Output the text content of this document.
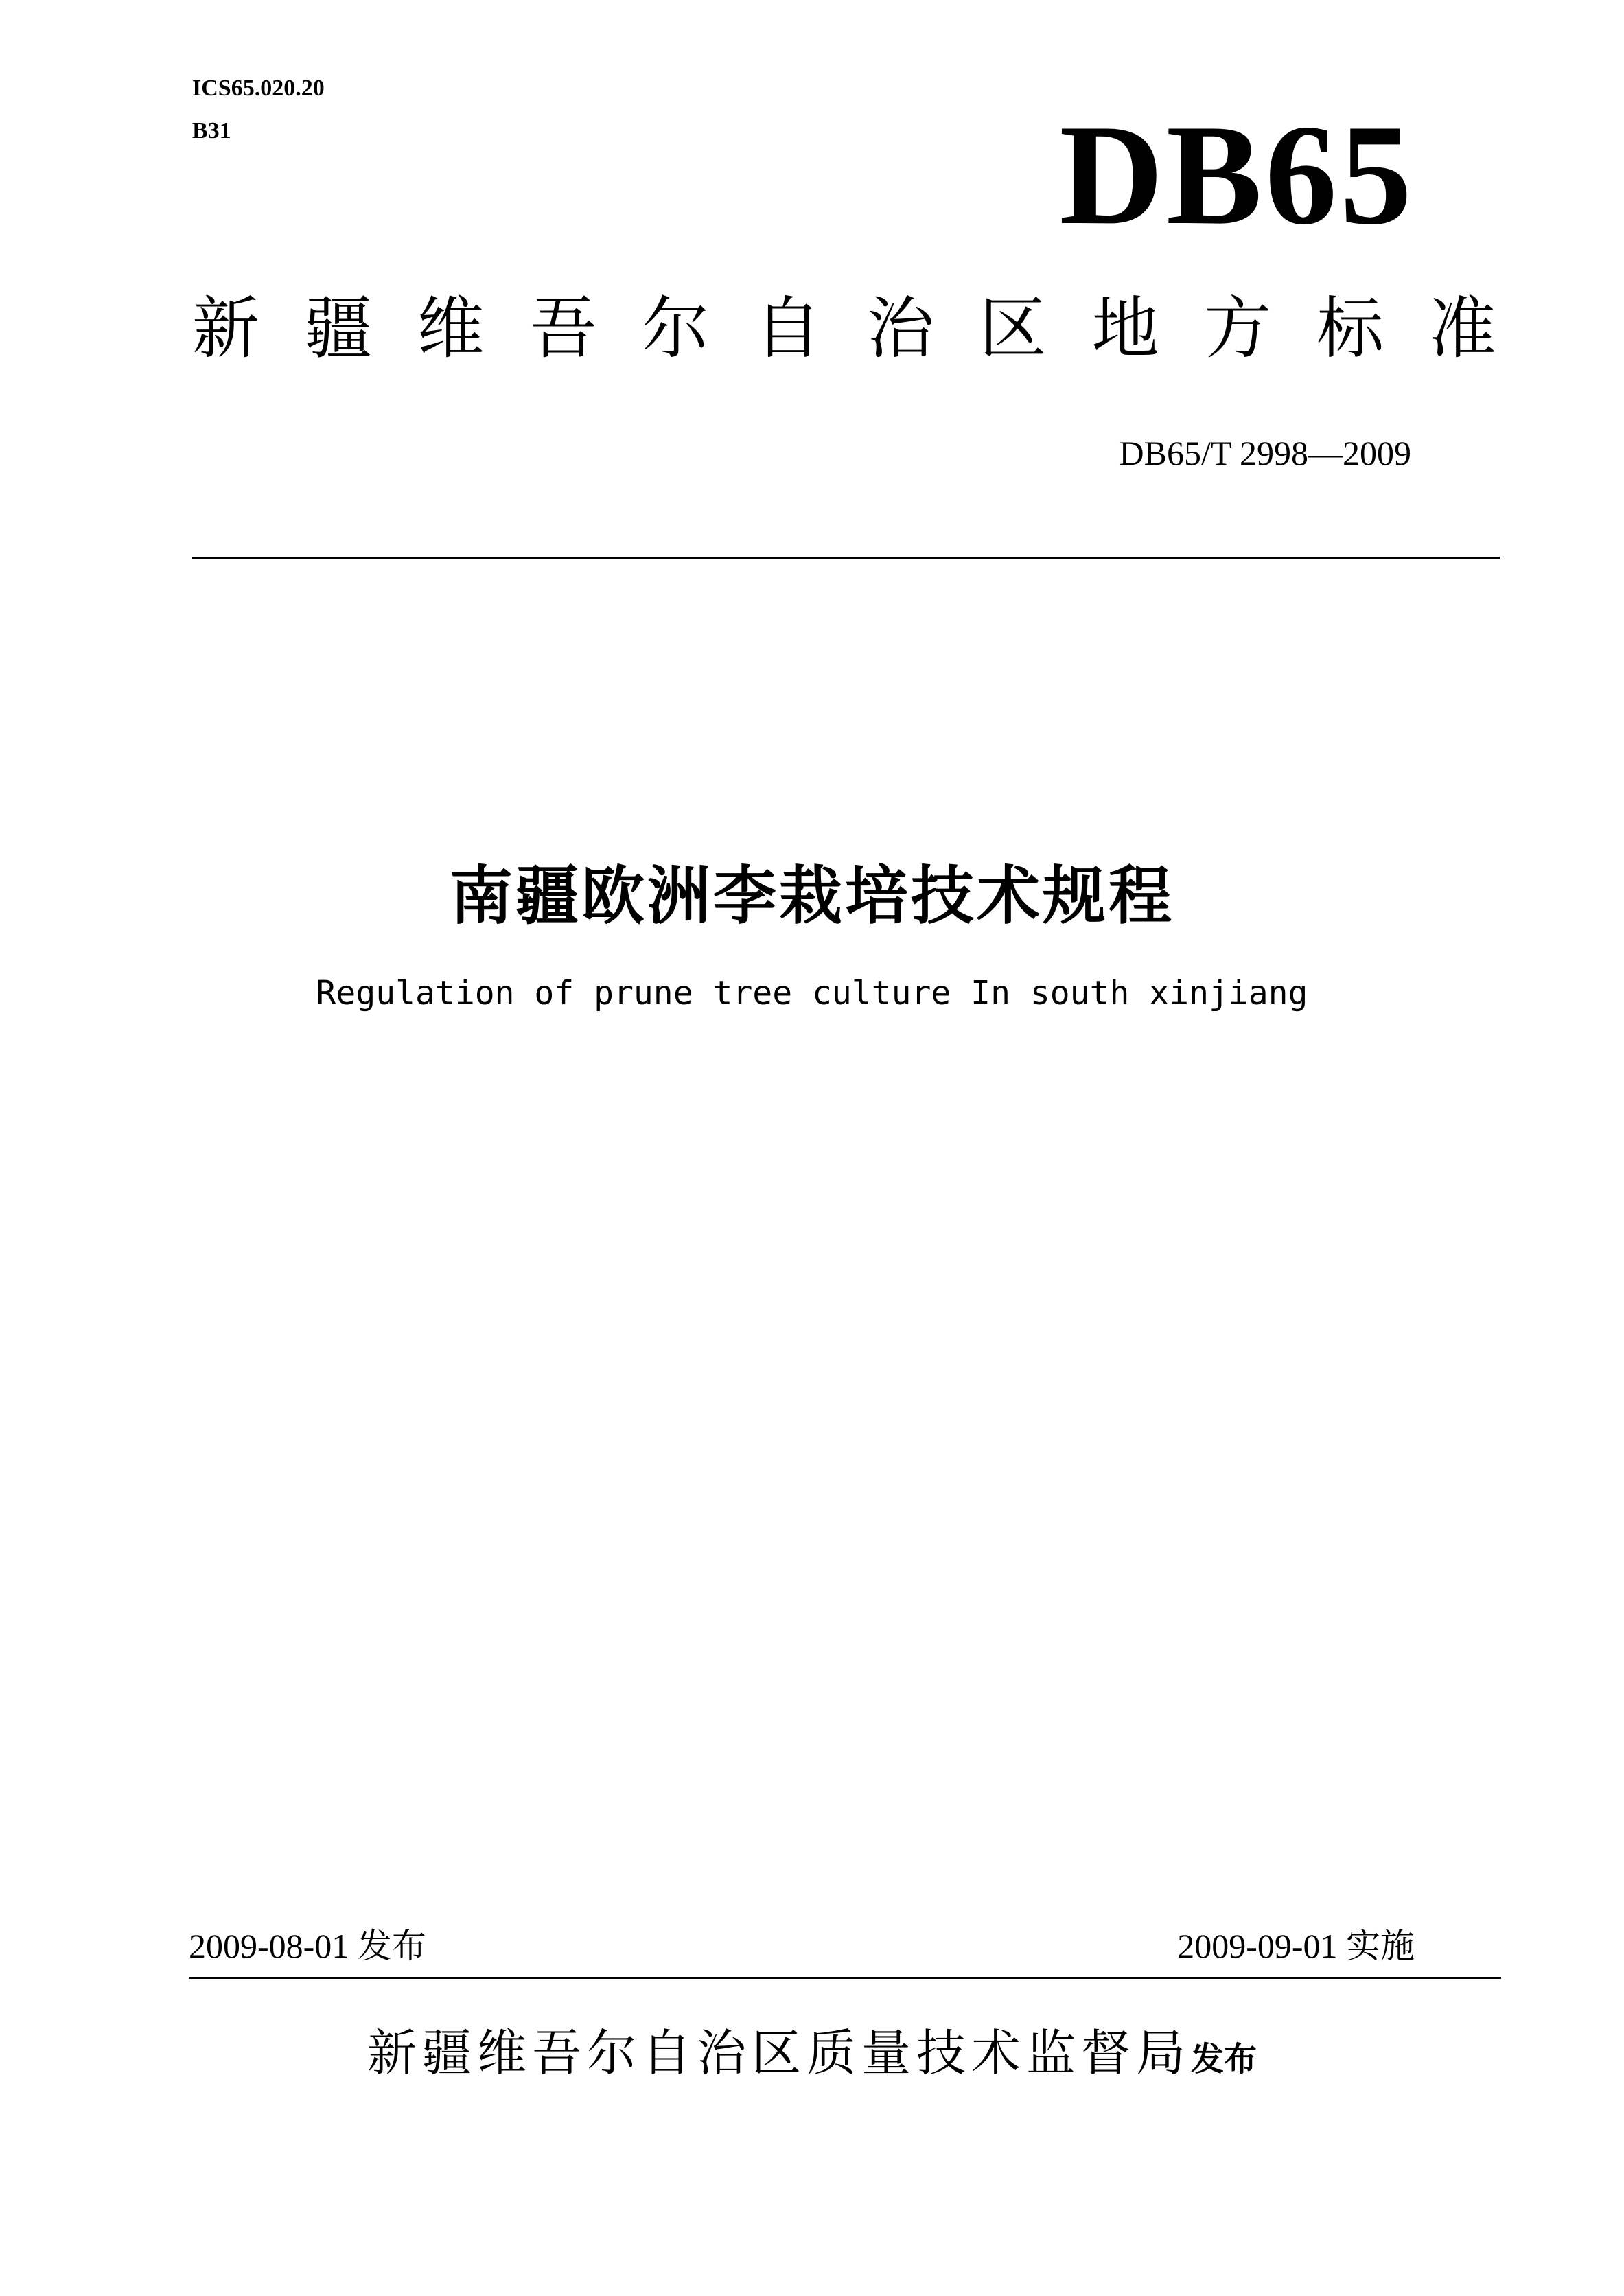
ICS65.020.20
B31	DB65
新 疆 维 吾 尔 自 治 区 地 方 标 准
DB65/T 2998—2009
南疆欧洲李栽培技术规程
Regulation of prune tree culture In south xinjiang
2009-08-01 发布	2009-09-01 实施
新疆维吾尔自治区质量技术监督局发布
